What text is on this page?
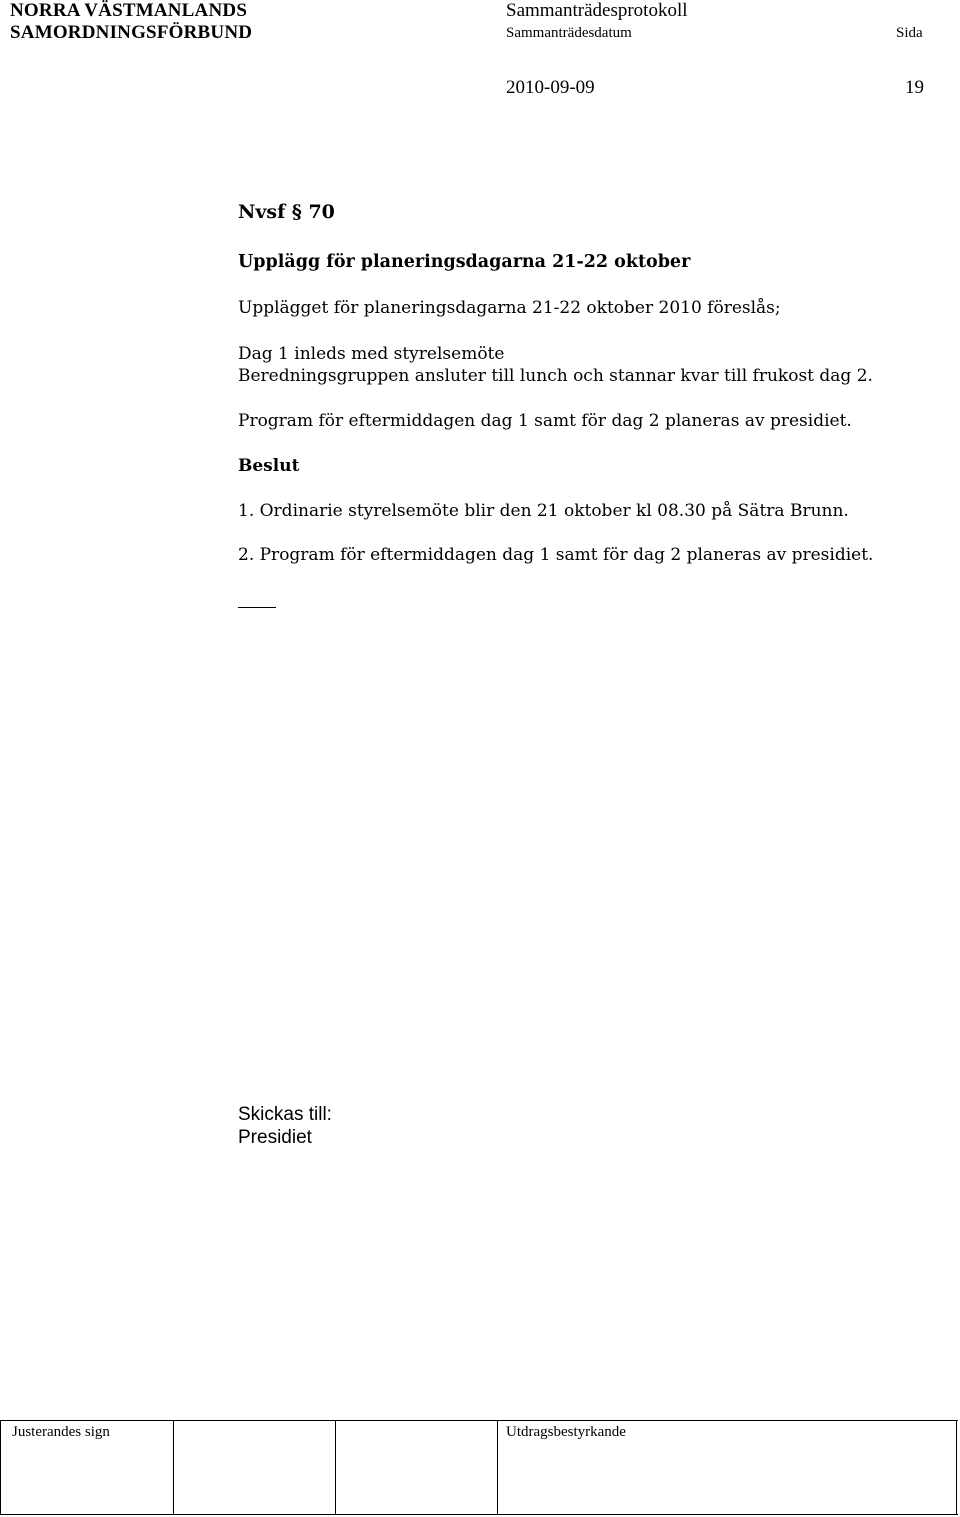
NORRA VÄSTMANLANDS
SAMORDNINGSFÖRBUND
Sammanträdesprotokoll
Sammanträdesdatum	Sida
2010-09-09	19
Nvsf § 70
Upplägg för planeringsdagarna 21-22 oktober
Upplägget för planeringsdagarna 21-22 oktober 2010 föreslås;
Dag 1 inleds med styrelsemöte
Beredningsgruppen ansluter till lunch och stannar kvar till frukost dag 2.
Program för eftermiddagen dag 1 samt för dag 2 planeras av presidiet.
Beslut
1. Ordinarie styrelsemöte blir den 21 oktober kl 08.30 på Sätra Brunn.
2. Program för eftermiddagen dag 1 samt för dag 2 planeras av presidiet.
Skickas till:
Presidiet
Justerandes sign	Utdragsbestyrkande
